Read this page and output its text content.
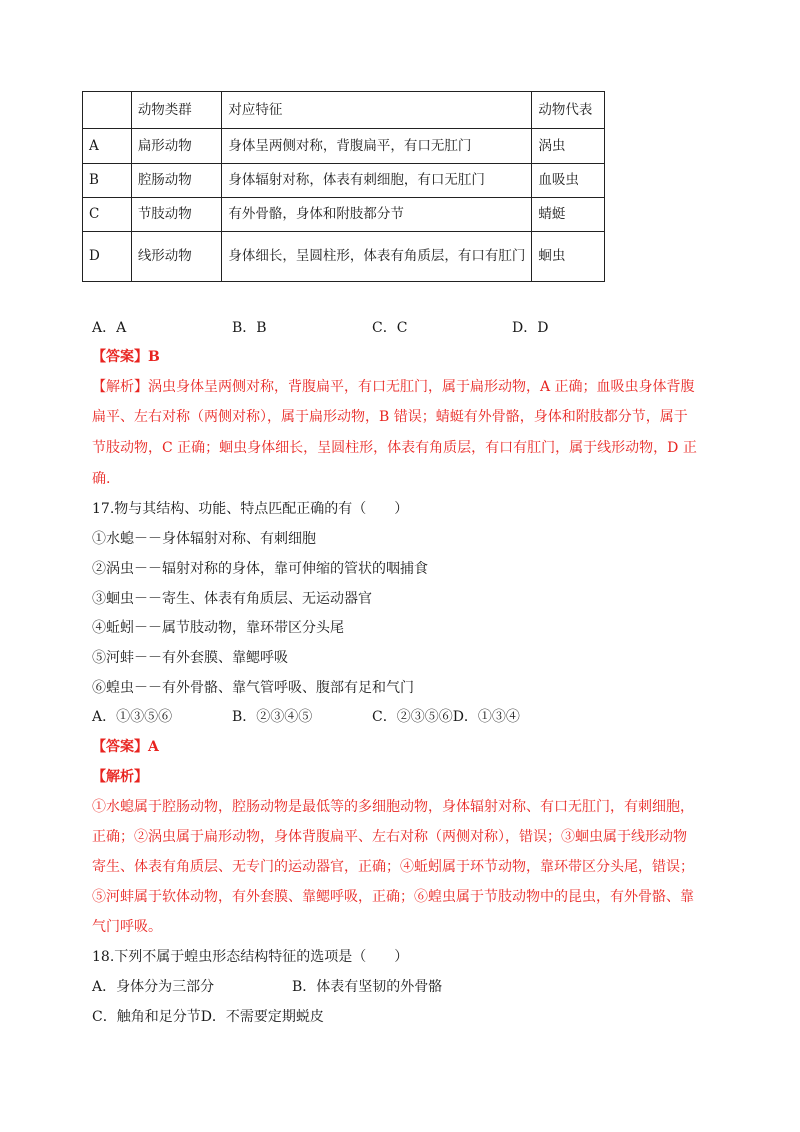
	动物类群	对应特征	动物代表
A	扁形动物	身体呈两侧对称，背腹扁平，有口无肛门	涡虫
B	腔肠动物	身体辐射对称，体表有刺细胞，有口无肛门	血吸虫
C	节肢动物	有外骨骼，身体和附肢都分节	蜻蜓
D	线形动物	身体细长，呈圆柱形，体表有角质层，有口有肛门	蛔虫
A．A	B．B	C．C	D．D
【答案】B
【解析】涡虫身体呈两侧对称，背腹扁平，有口无肛门，属于扁形动物，A 正确；血吸虫身体背腹
扁平、左右对称（两侧对称），属于扁形动物，B 错误；蜻蜓有外骨骼，身体和附肢都分节，属于
节肢动物，C 正确；蛔虫身体细长，呈圆柱形，体表有角质层，有口有肛门，属于线形动物，D 正
确.
17.物与其结构、功能、特点匹配正确的有（　　）
①水螅－－身体辐射对称、有刺细胞
②涡虫－－辐射对称的身体，靠可伸缩的管状的咽捕食
③蛔虫－－寄生、体表有角质层、无运动器官
④蚯蚓－－属节肢动物，靠环带区分头尾
⑤河蚌－－有外套膜、靠鳃呼吸
⑥蝗虫－－有外骨骼、靠气管呼吸、腹部有足和气门
A．①③⑤⑥	B．②③④⑤	C．②③⑤⑥D．①③④
【答案】A
【解析】
①水螅属于腔肠动物，腔肠动物是最低等的多细胞动物，身体辐射对称、有口无肛门，有刺细胞，
正确；②涡虫属于扁形动物，身体背腹扁平、左右对称（两侧对称），错误；③蛔虫属于线形动物
寄生、体表有角质层、无专门的运动器官，正确；④蚯蚓属于环节动物，靠环带区分头尾，错误；
⑤河蚌属于软体动物，有外套膜、靠鳃呼吸，正确；⑥蝗虫属于节肢动物中的昆虫，有外骨骼、靠
气门呼吸。
18.下列不属于蝗虫形态结构特征的选项是（　　）
A．身体分为三部分	B．体表有坚韧的外骨骼
C．触角和足分节D．不需要定期蜕皮
